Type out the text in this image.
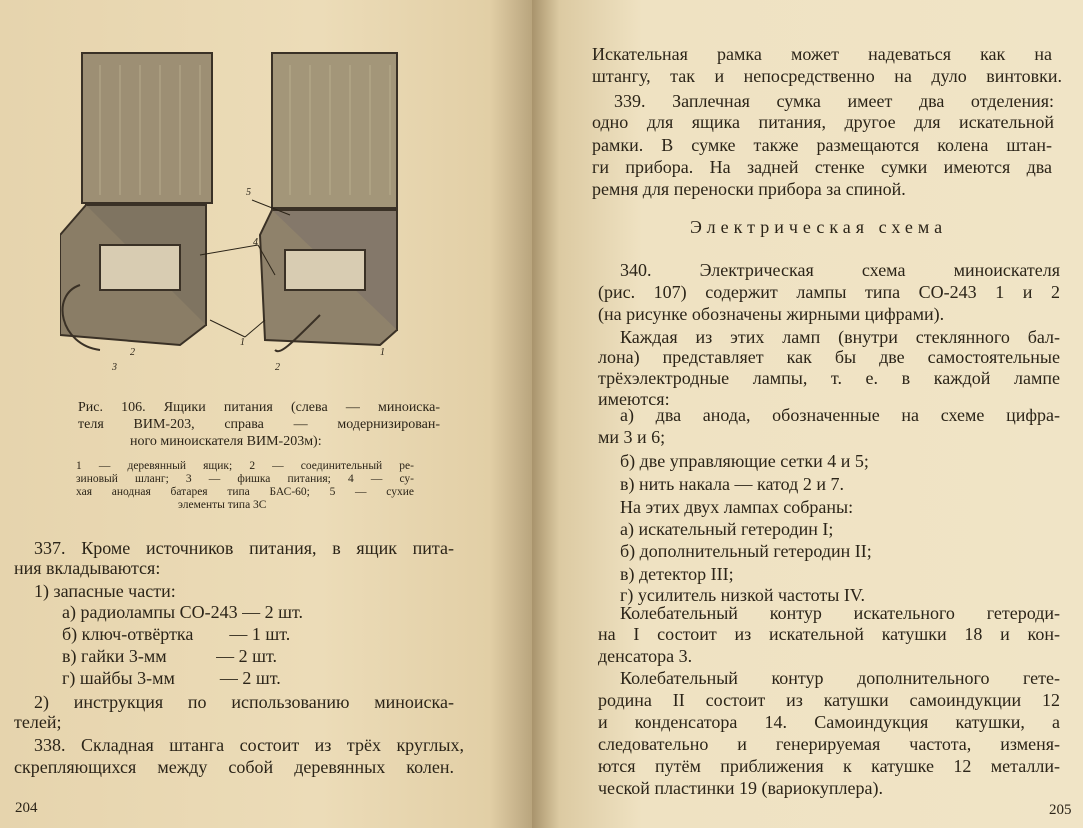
5
4
1
3
2	1
2
204
Рис. 106. Ящики питания (слева — миноиска-
теля ВИМ-203, справа — модернизирован-
ного миноискателя ВИМ-203м):
1 — деревянный ящик; 2 — соединительный ре-
зиновый шланг; 3 — фишка питания; 4 — су-
хая анодная батарея типа БАС-60; 5 — сухие
элементы типа 3С
337. Кроме источников питания, в ящик пита-
ния вкладываются:
1) запасные части:
а) радиолампы СО-243 — 2 шт.
б) ключ-отвёртка        — 1 шт.
в) гайки 3-мм           — 2 шт.
г) шайбы 3-мм          — 2 шт.
2) инструкция по использованию миноиска-
телей;
338. Складная штанга состоит из трёх круглых,
скрепляющихся между собой деревянных колен.
205
Искательная рамка может надеваться как на
штангу, так и непосредственно на дуло винтовки.
339. Заплечная сумка имеет два отделения:
одно для ящика питания, другое для искательной
рамки. В сумке также размещаются колена штан-
ги прибора. На задней стенке сумки имеются два
ремня для переноски прибора за спиной.
Электрическая схема
340. Электрическая схема миноискателя
(рис. 107) содержит лампы типа СО-243 1 и 2
(на рисунке обозначены жирными цифрами).
Каждая из этих ламп (внутри стеклянного бал-
лона) представляет как бы две самостоятельные
трёхэлектродные лампы, т. е. в каждой лампе
имеются:
а) два анода, обозначенные на схеме цифра-
ми 3 и 6;
б) две управляющие сетки 4 и 5;
в) нить накала — катод 2 и 7.
На этих двух лампах собраны:
а) искательный гетеродин I;
б) дополнительный гетеродин II;
в) детектор III;
г) усилитель низкой частоты IV.
Колебательный контур искательного гетероди-
на I состоит из искательной катушки 18 и кон-
денсатора 3.
Колебательный контур дополнительного гете-
родина II состоит из катушки самоиндукции 12
и конденсатора 14. Самоиндукция катушки, а
следовательно и генерируемая частота, изменя-
ются путём приближения к катушке 12 металли-
ческой пластинки 19 (вариокуплера).
